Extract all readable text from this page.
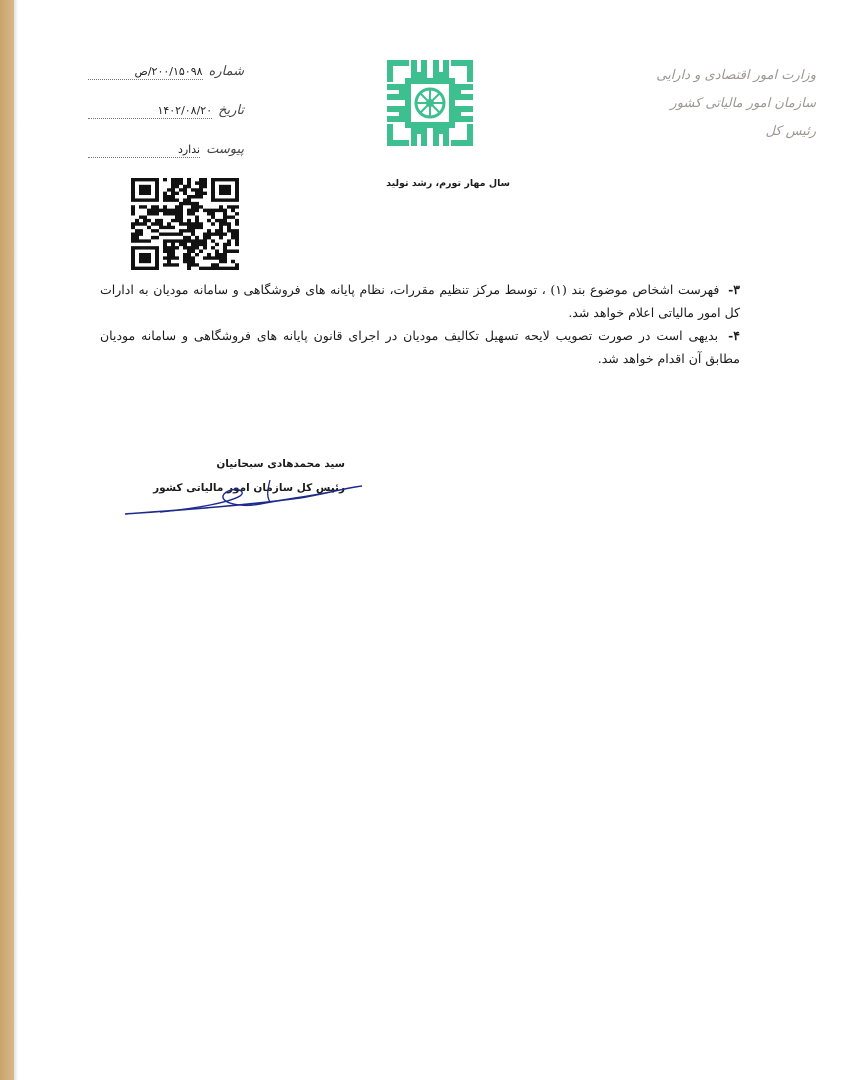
وزارت امور اقتصادی و دارایی
سازمان امور مالیاتی کشور
رئیس کل
سال مهار تورم، رشد تولید
شماره
۲۰۰/۱۵۰۹۸/ص
تاریخ
۱۴۰۲/۰۸/۲۰
پیوست
ندارد

۳- فهرست اشخاص موضوع بند (۱) ، توسط مرکز تنظیم مقررات، نظام پایانه های فروشگاهی و سامانه مودیان به ادارات کل امور مالیاتی اعلام خواهد شد.

۴- بدیهی است در صورت تصویب لایحه تسهیل تکالیف مودیان در اجرای قانون پایانه های فروشگاهی و سامانه مودیان مطابق آن اقدام خواهد شد.

سید محمدهادی سبحانیان
رئیس کل سازمان امور مالیاتی کشور
